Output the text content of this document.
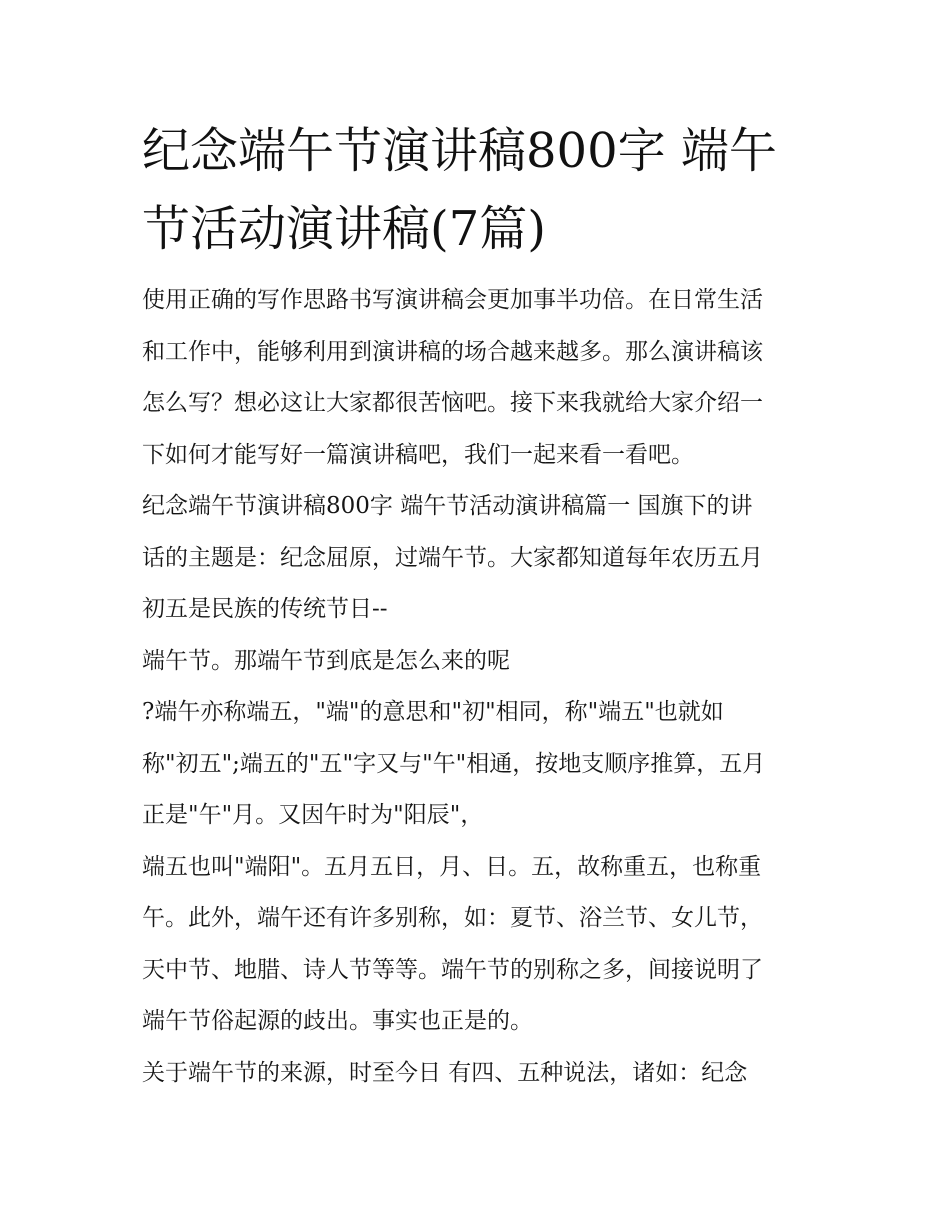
纪念端午节演讲稿800字 端午
节活动演讲稿(7篇)
使用正确的写作思路书写演讲稿会更加事半功倍。在日常生活
和工作中，能够利用到演讲稿的场合越来越多。那么演讲稿该
怎么写？想必这让大家都很苦恼吧。接下来我就给大家介绍一
下如何才能写好一篇演讲稿吧，我们一起来看一看吧。
纪念端午节演讲稿800字 端午节活动演讲稿篇一 国旗下的讲
话的主题是：纪念屈原，过端午节。大家都知道每年农历五月
初五是民族的传统节日--
端午节。那端午节到底是怎么来的呢
?端午亦称端五，"端"的意思和"初"相同，称"端五"也就如
称"初五";端五的"五"字又与"午"相通，按地支顺序推算，五月
正是"午"月。又因午时为"阳辰"，
端五也叫"端阳"。五月五日，月、日。五，故称重五，也称重
午。此外，端午还有许多别称，如：夏节、浴兰节、女儿节，
天中节、地腊、诗人节等等。端午节的别称之多，间接说明了
端午节俗起源的歧出。事实也正是的。
关于端午节的来源，时至今日 有四、五种说法，诸如：纪念
